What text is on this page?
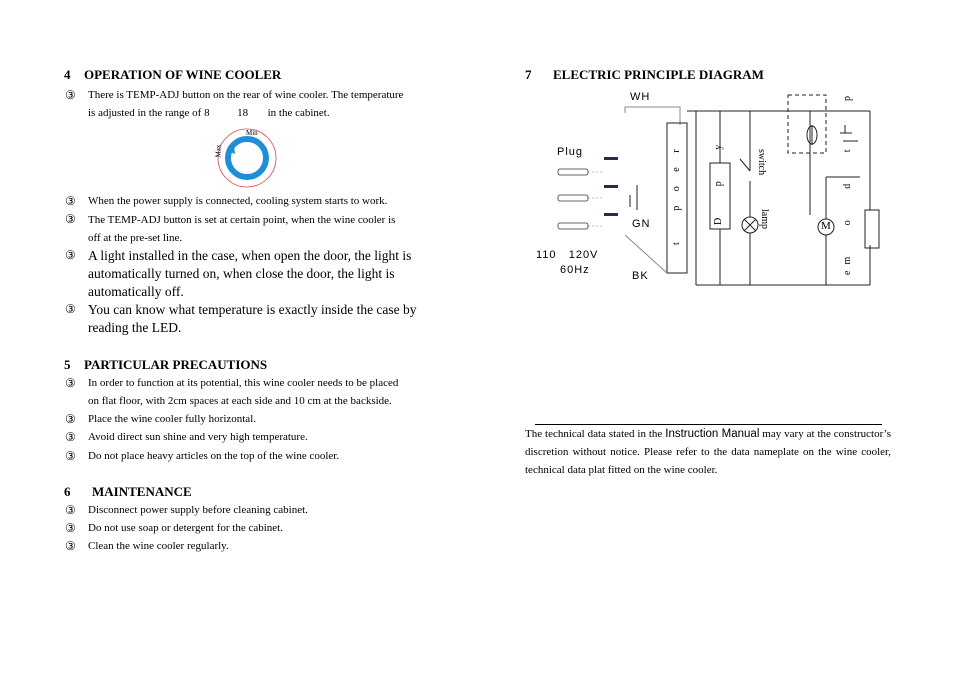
4 OPERATION OF WINE COOLER
③ There is TEMP-ADJ button on the rear of wine cooler. The temperature
is adjusted in the range of 8	18 in the cabinet.
Min
Max
③ When the power supply is connected, cooling system starts to work.
③ The TEMP-ADJ button is set at certain point, when the wine cooler is
off at the pre-set line.
③ A light installed in the case, when open the door, the light is
automatically turned on, when close the door, the light is
automatically off.
③ You can know what temperature is exactly inside the case by
reading the LED.
5 PARTICULAR PRECAUTIONS
③ In order to function at its potential, this wine cooler needs to be placed
on flat floor, with 2cm spaces at each side and 10 cm at the backside.
③ Place the wine cooler fully horizontal.
③ Avoid direct sun shine and very high temperature.
③ Do not place heavy articles on the top of the wine cooler.
6 MAINTENANCE
③ Disconnect power supply before cleaning cabinet.
③ Do not use soap or detergent for the cabinet.
③ Clean the wine cooler regularly.
7 ELECTRIC PRINCIPLE DIAGRAM
WH
Plug
GN
BK
110   120V
60Hz
t   p o e r	D   p   y	switch
lamp	M em   o   d   t     p
The technical data stated in the Instruction Manual may vary at the constructor’s discretion without notice. Please refer to the data nameplate on the wine cooler, technical data plat fitted on the wine cooler.
